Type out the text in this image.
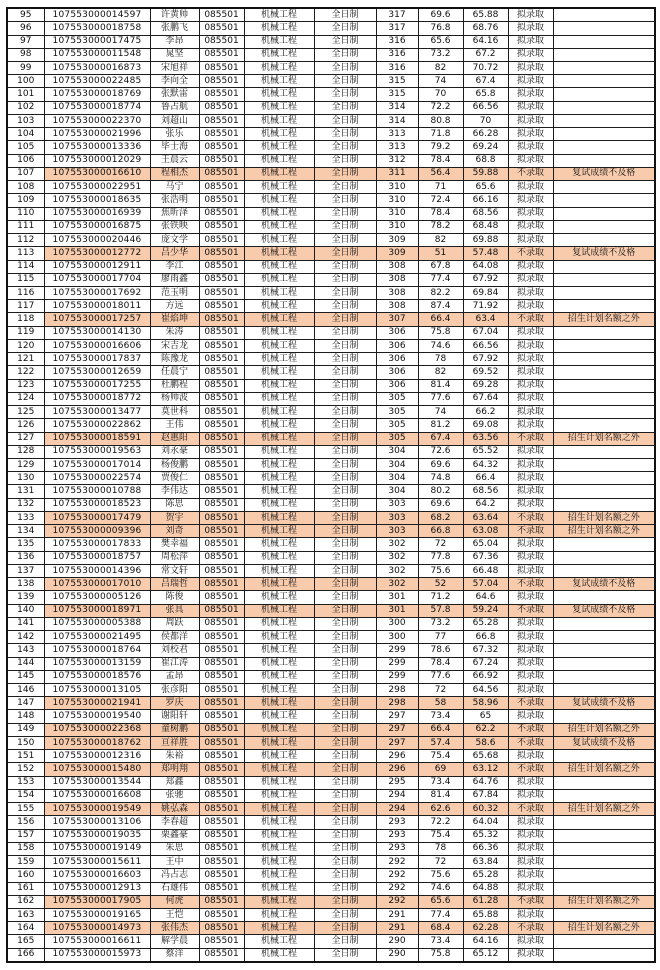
95	107553000014597	许黄帅	085501	机械工程	全日制	317	69.6	65.88	拟录取	
96	107553000018758	张鹏飞	085501	机械工程	全日制	317	76.8	68.76	拟录取	
97	107553000017475	李昂	085501	机械工程	全日制	316	65.6	64.16	拟录取	
98	107553000011548	晁坚	085501	机械工程	全日制	316	73.2	67.2	拟录取	
99	107553000016873	宋旭祥	085501	机械工程	全日制	316	82	70.72	拟录取	
100	107553000022485	李向全	085501	机械工程	全日制	315	74	67.4	拟录取	
101	107553000018769	张默雷	085501	机械工程	全日制	315	70	65.8	拟录取	
102	107553000018774	鲁占航	085501	机械工程	全日制	314	72.2	66.56	拟录取	
103	107553000022370	刘超山	085501	机械工程	全日制	314	80.8	70	拟录取	
104	107553000021996	张乐	085501	机械工程	全日制	313	71.8	66.28	拟录取	
105	107553000013336	毕士海	085501	机械工程	全日制	313	79.2	69.24	拟录取	
106	107553000012029	王晨云	085501	机械工程	全日制	312	78.4	68.8	拟录取	
107	107553000016610	程相杰	085501	机械工程	全日制	311	56.4	59.88	不录取	复试成绩不及格
108	107553000022951	马宁	085501	机械工程	全日制	310	71	65.6	拟录取	
109	107553000018635	张浩明	085501	机械工程	全日制	310	72.4	66.16	拟录取	
110	107553000016939	焦昕泽	085501	机械工程	全日制	310	78.4	68.56	拟录取	
111	107553000016875	张铁映	085501	机械工程	全日制	310	78.2	68.48	拟录取	
112	107553000020446	庞文学	085501	机械工程	全日制	309	82	69.88	拟录取	
113	107553000012772	吕少华	085501	机械工程	全日制	309	51	57.48	不录取	复试成绩不及格
114	107553000012911	李江	085501	机械工程	全日制	308	67.8	64.08	拟录取	
115	107553000017704	廖雨鑫	085501	机械工程	全日制	308	77.4	67.92	拟录取	
116	107553000017692	范玉明	085501	机械工程	全日制	308	82.2	69.84	拟录取	
117	107553000018011	方远	085501	机械工程	全日制	308	87.4	71.92	拟录取	
118	107553000017257	崔焰坤	085501	机械工程	全日制	307	66.4	63.4	不录取	招生计划名额之外
119	107553000014130	朱涛	085501	机械工程	全日制	306	75.8	67.04	拟录取	
120	107553000016606	宋吉龙	085501	机械工程	全日制	306	74.6	66.56	拟录取	
121	107553000017837	陈豫龙	085501	机械工程	全日制	306	78	67.92	拟录取	
122	107553000012659	任晨宁	085501	机械工程	全日制	306	82	69.52	拟录取	
123	107553000017255	杜鹏程	085501	机械工程	全日制	306	81.4	69.28	拟录取	
124	107553000018772	杨帅波	085501	机械工程	全日制	305	77.6	67.64	拟录取	
125	107553000013477	莫世科	085501	机械工程	全日制	305	74	66.2	拟录取	
126	107553000022862	王伟	085501	机械工程	全日制	305	81.2	69.08	拟录取	
127	107553000018591	赵惠阳	085501	机械工程	全日制	305	67.4	63.56	不录取	招生计划名额之外
128	107553000019563	刘永豪	085501	机械工程	全日制	304	72.6	65.52	拟录取	
129	107553000017014	杨俊鹏	085501	机械工程	全日制	304	69.6	64.32	拟录取	
130	107553000022574	贾俊仁	085501	机械工程	全日制	304	74.8	66.4	拟录取	
131	107553000010788	李伟达	085501	机械工程	全日制	304	80.2	68.56	拟录取	
132	107553000018523	陈思	085501	机械工程	全日制	303	69.6	64.2	拟录取	
133	107553000017479	贺宇	085501	机械工程	全日制	303	68.2	63.64	不录取	招生计划名额之外
134	107553000009396	刘奇	085501	机械工程	全日制	303	66.8	63.08	不录取	招生计划名额之外
135	107553000017833	樊幸福	085501	机械工程	全日制	302	72	65.04	拟录取	
136	107553000018757	周松萍	085501	机械工程	全日制	302	77.8	67.36	拟录取	
137	107553000014396	常文轩	085501	机械工程	全日制	302	75.6	66.48	拟录取	
138	107553000017010	吕瑞哲	085501	机械工程	全日制	302	52	57.04	不录取	复试成绩不及格
139	107553000005126	陈俊	085501	机械工程	全日制	301	71.2	64.6	拟录取	
140	107553000018971	张具	085501	机械工程	全日制	301	57.8	59.24	不录取	复试成绩不及格
141	107553000005388	周跃	085501	机械工程	全日制	300	73.2	65.28	拟录取	
142	107553000021495	侯都洋	085501	机械工程	全日制	300	77	66.8	拟录取	
143	107553000018764	刘校君	085501	机械工程	全日制	299	78.6	67.32	拟录取	
144	107553000013159	崔江涛	085501	机械工程	全日制	299	78.4	67.24	拟录取	
145	107553000018576	孟昂	085501	机械工程	全日制	299	77.6	66.92	拟录取	
146	107553000013105	张彦阳	085501	机械工程	全日制	298	72	64.56	拟录取	
147	107553000021941	罗庆	085501	机械工程	全日制	298	58	58.96	不录取	复试成绩不及格
148	107553000019540	谢阳轩	085501	机械工程	全日制	297	73.4	65	拟录取	
149	107553000022368	童树鹏	085501	机械工程	全日制	297	66.4	62.2	不录取	招生计划名额之外
150	107553000018762	亘祥胜	085501	机械工程	全日制	297	57.4	58.6	不录取	复试成绩不及格
151	107553000012316	朱裕	085501	机械工程	全日制	296	75.4	65.68	拟录取	
152	107553000015480	郑明翔	085501	机械工程	全日制	296	69	63.12	不录取	招生计划名额之外
153	107553000013544	郑鑫	085501	机械工程	全日制	295	73.4	64.76	拟录取	
154	107553000016608	张驰	085501	机械工程	全日制	294	81.4	67.84	拟录取	
155	107553000019549	姚弘森	085501	机械工程	全日制	294	62.6	60.32	不录取	招生计划名额之外
156	107553000013106	李春超	085501	机械工程	全日制	293	72.2	64.04	拟录取	
157	107553000019035	栗鑫豪	085501	机械工程	全日制	293	75.4	65.32	拟录取	
158	107553000019149	朱思	085501	机械工程	全日制	293	78	66.36	拟录取	
159	107553000015611	王中	085501	机械工程	全日制	292	72	63.84	拟录取	
160	107553000016603	冯占志	085501	机械工程	全日制	292	75.6	65.28	拟录取	
161	107553000012913	石雄伟	085501	机械工程	全日制	292	74.6	64.88	拟录取	
162	107553000017905	何虎	085501	机械工程	全日制	292	65.6	61.28	不录取	招生计划名额之外
163	107553000019165	王恺	085501	机械工程	全日制	291	77.4	65.88	拟录取	
164	107553000014973	张伟杰	085501	机械工程	全日制	291	68.4	62.28	不录取	招生计划名额之外
165	107553000016611	解学晨	085501	机械工程	全日制	290	73.4	64.16	拟录取	
166	107553000015973	蔡洋	085501	机械工程	全日制	290	75.8	65.12	拟录取	
